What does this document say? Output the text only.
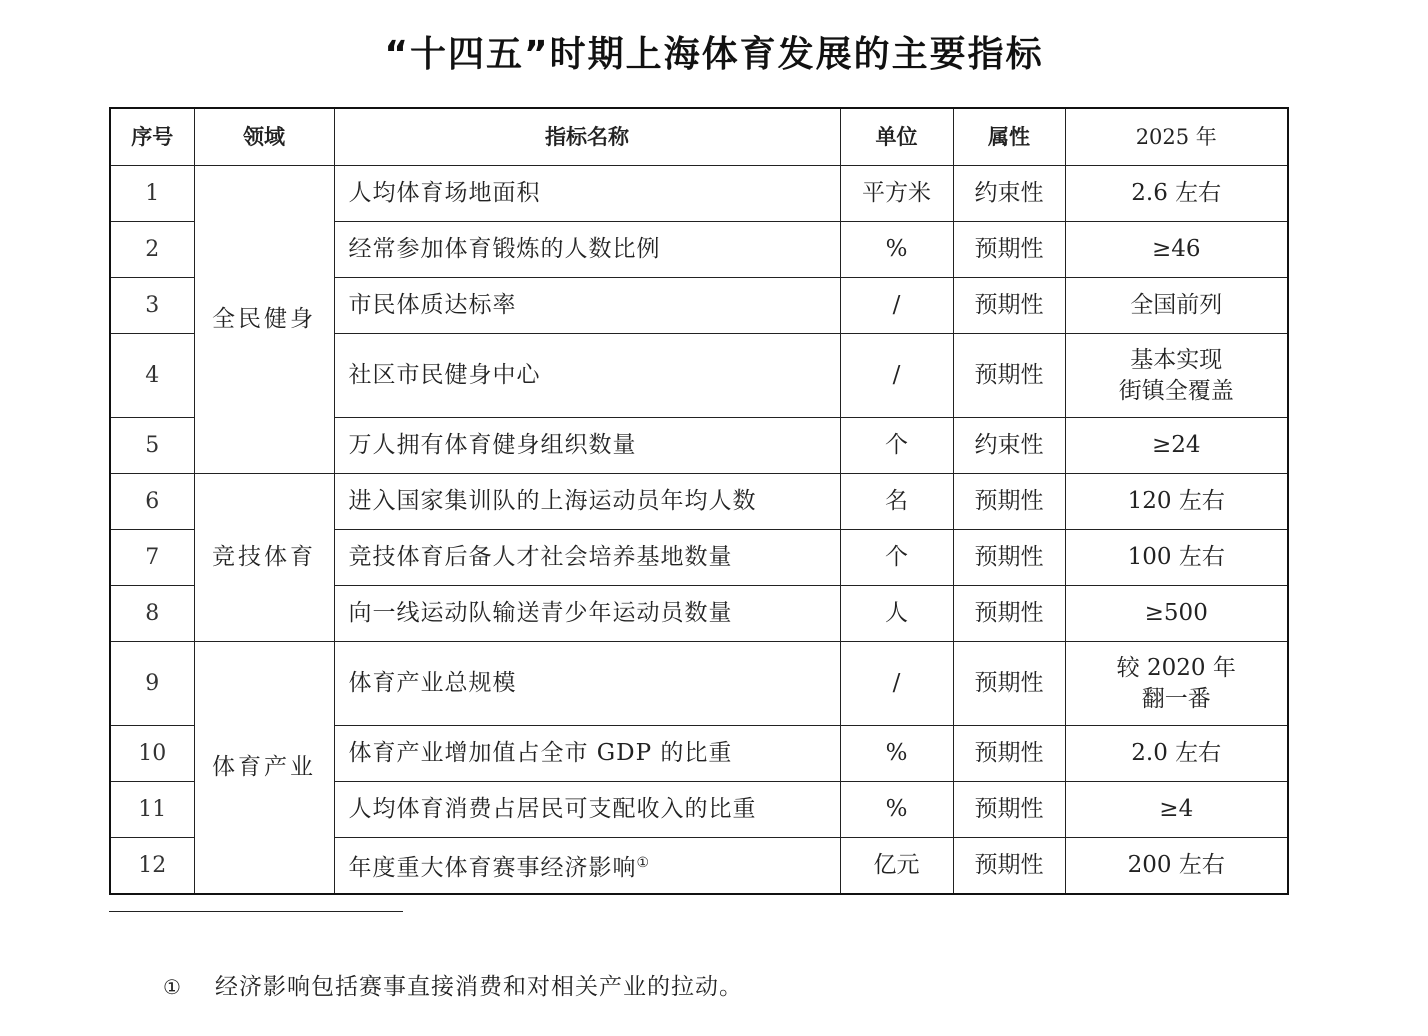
“十四五”时期上海体育发展的主要指标
序号	领域	指标名称	单位	属性	2025 年
1	全民健身	人均体育场地面积	平方米	约束性	2.6 左右
2		经常参加体育锻炼的人数比例	%	预期性	≥46
3		市民体质达标率	/	预期性	全国前列
4		社区市民健身中心	/	预期性	基本实现
街镇全覆盖

5		万人拥有体育健身组织数量	个	约束性	≥24
6	竞技体育	进入国家集训队的上海运动员年均人数	名	预期性	120 左右
7		竞技体育后备人才社会培养基地数量	个	预期性	100 左右
8		向一线运动队输送青少年运动员数量	人	预期性	≥500
9	体育产业	体育产业总规模	/	预期性	较 2020 年
翻一番

10		体育产业增加值占全市 GDP 的比重	%	预期性	2.0 左右
11		人均体育消费占居民可支配收入的比重	%	预期性	≥4
12		年度重大体育赛事经济影响①	亿元	预期性	200 左右
① 经济影响包括赛事直接消费和对相关产业的拉动。
